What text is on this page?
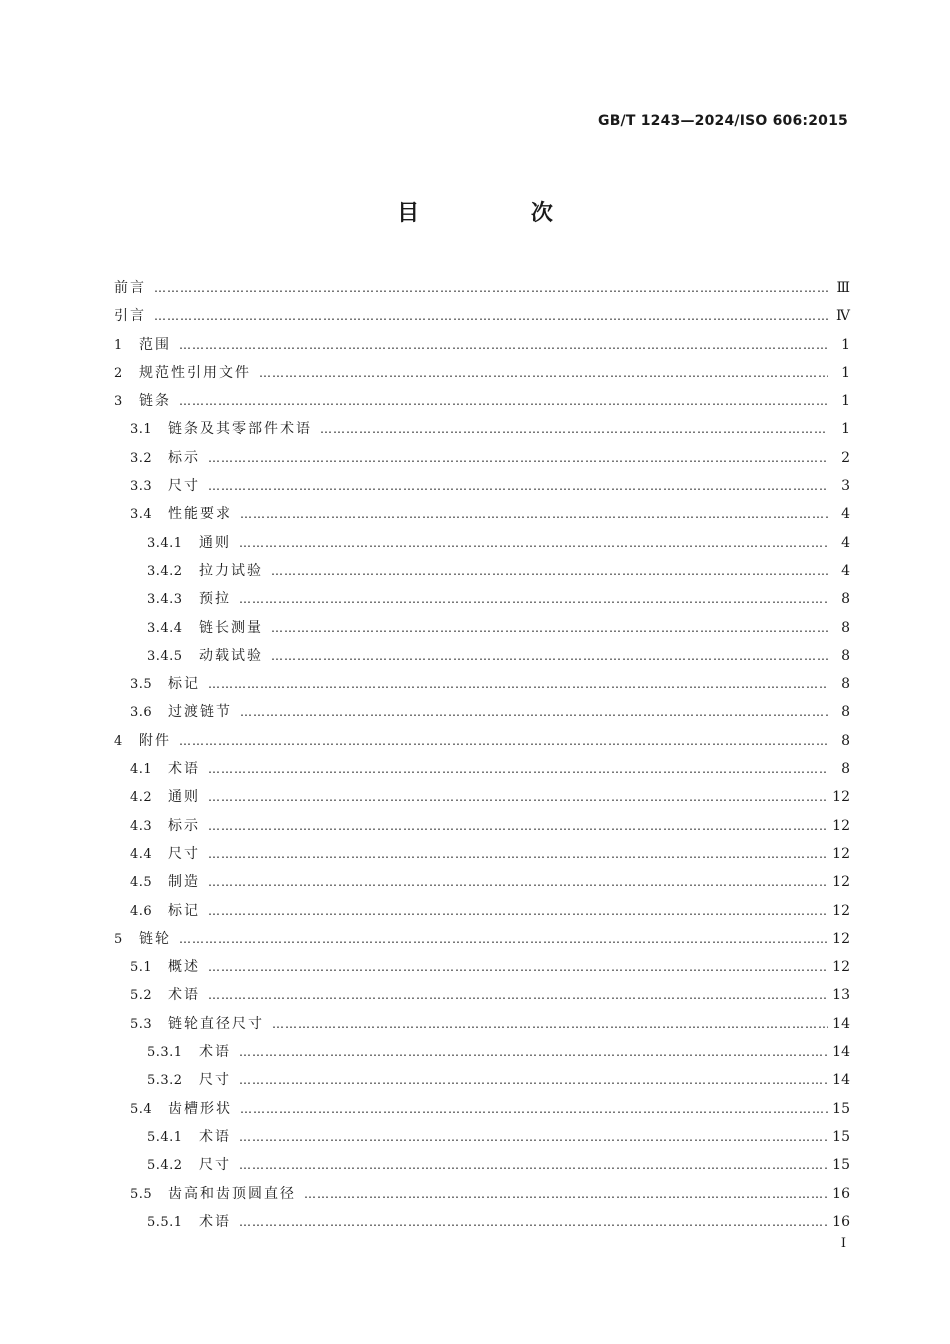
GB/T 1243—2024/ISO 606:2015
目 次
前言 …………………………………………………………………………………………………………………………………………………………………………………………	Ⅲ
引言 …………………………………………………………………………………………………………………………………………………………………………………………	Ⅳ
1	范围 …………………………………………………………………………………………………………………………………………………………………………………………	1
2	规范性引用文件 …………………………………………………………………………………………………………………………………………………………………………………………	1
3	链条 …………………………………………………………………………………………………………………………………………………………………………………………	1
3.1	链条及其零部件术语 …………………………………………………………………………………………………………………………………………………………………………………………	1
3.2	标示 …………………………………………………………………………………………………………………………………………………………………………………………	2
3.3	尺寸 …………………………………………………………………………………………………………………………………………………………………………………………	3
3.4	性能要求 …………………………………………………………………………………………………………………………………………………………………………………………	4
3.4.1	通则 …………………………………………………………………………………………………………………………………………………………………………………………	4
3.4.2	拉力试验 …………………………………………………………………………………………………………………………………………………………………………………………	4
3.4.3	预拉 …………………………………………………………………………………………………………………………………………………………………………………………	8
3.4.4	链长测量 …………………………………………………………………………………………………………………………………………………………………………………………	8
3.4.5	动载试验 …………………………………………………………………………………………………………………………………………………………………………………………	8
3.5	标记 …………………………………………………………………………………………………………………………………………………………………………………………	8
3.6	过渡链节 …………………………………………………………………………………………………………………………………………………………………………………………	8
4	附件 …………………………………………………………………………………………………………………………………………………………………………………………	8
4.1	术语 …………………………………………………………………………………………………………………………………………………………………………………………	8
4.2	通则 …………………………………………………………………………………………………………………………………………………………………………………………	12
4.3	标示 …………………………………………………………………………………………………………………………………………………………………………………………	12
4.4	尺寸 …………………………………………………………………………………………………………………………………………………………………………………………	12
4.5	制造 …………………………………………………………………………………………………………………………………………………………………………………………	12
4.6	标记 …………………………………………………………………………………………………………………………………………………………………………………………	12
5	链轮 …………………………………………………………………………………………………………………………………………………………………………………………	12
5.1	概述 …………………………………………………………………………………………………………………………………………………………………………………………	12
5.2	术语 …………………………………………………………………………………………………………………………………………………………………………………………	13
5.3	链轮直径尺寸 …………………………………………………………………………………………………………………………………………………………………………………………	14
5.3.1	术语 …………………………………………………………………………………………………………………………………………………………………………………………	14
5.3.2	尺寸 …………………………………………………………………………………………………………………………………………………………………………………………	14
5.4	齿槽形状 …………………………………………………………………………………………………………………………………………………………………………………………	15
5.4.1	术语 …………………………………………………………………………………………………………………………………………………………………………………………	15
5.4.2	尺寸 …………………………………………………………………………………………………………………………………………………………………………………………	15
5.5	齿高和齿顶圆直径 …………………………………………………………………………………………………………………………………………………………………………………………	16
5.5.1	术语 …………………………………………………………………………………………………………………………………………………………………………………………	16
I
